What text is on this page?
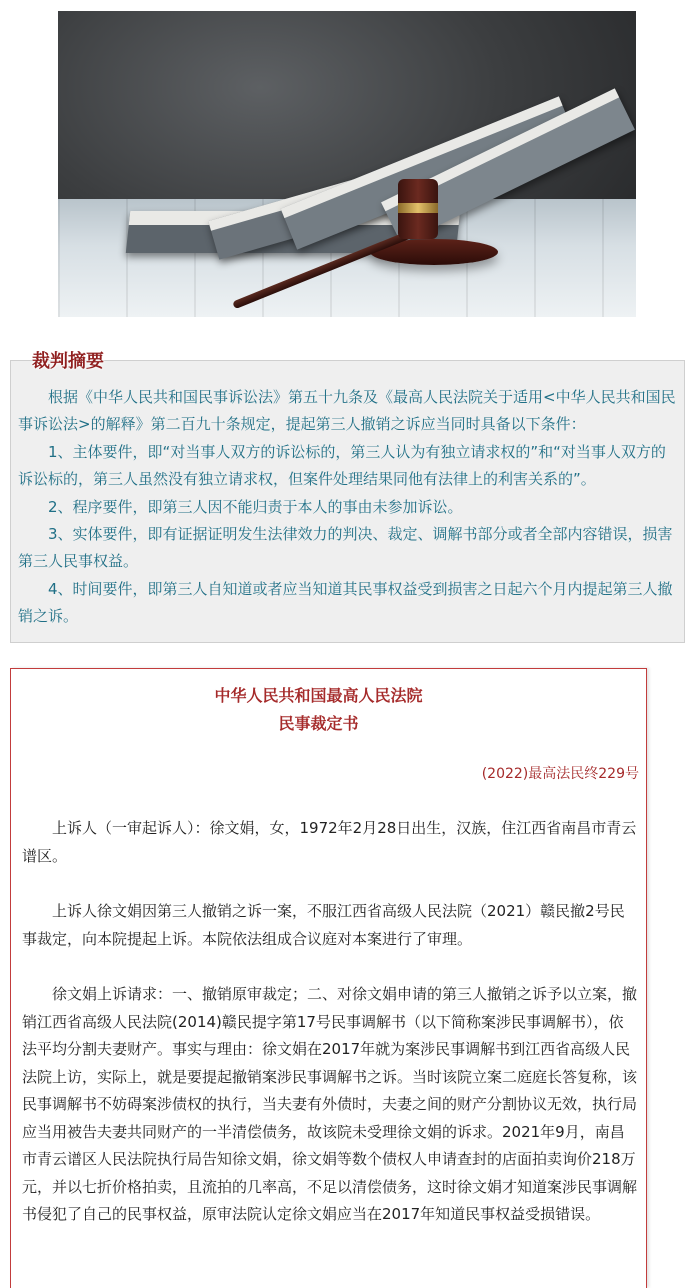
裁判摘要

根据《中华人民共和国民事诉讼法》第五十九条及《最高人民法院关于适用<中华人民共和国民事诉讼法>的解释》第二百九十条规定，提起第三人撤销之诉应当同时具备以下条件：

1、主体要件，即“对当事人双方的诉讼标的，第三人认为有独立请求权的”和“对当事人双方的诉讼标的，第三人虽然没有独立请求权，但案件处理结果同他有法律上的利害关系的”。

2、程序要件，即第三人因不能归责于本人的事由未参加诉讼。

3、实体要件，即有证据证明发生法律效力的判决、裁定、调解书部分或者全部内容错误，损害第三人民事权益。

4、时间要件，即第三人自知道或者应当知道其民事权益受到损害之日起六个月内提起第三人撤销之诉。

中华人民共和国最高人民法院
民事裁定书
(2022)最高法民终229号

上诉人（一审起诉人）：徐文娟，女，1972年2月28日出生，汉族，住江西省南昌市青云谱区。

上诉人徐文娟因第三人撤销之诉一案，不服江西省高级人民法院（2021）赣民撤2号民事裁定，向本院提起上诉。本院依法组成合议庭对本案进行了审理。

徐文娟上诉请求：一、撤销原审裁定；二、对徐文娟申请的第三人撤销之诉予以立案，撤销江西省高级人民法院(2014)赣民提字第17号民事调解书（以下简称案涉民事调解书），依法平均分割夫妻财产。事实与理由：徐文娟在2017年就为案涉民事调解书到江西省高级人民法院上访，实际上，就是要提起撤销案涉民事调解书之诉。当时该院立案二庭庭长答复称，该民事调解书不妨碍案涉债权的执行，当夫妻有外债时，夫妻之间的财产分割协议无效，执行局应当用被告夫妻共同财产的一半清偿债务，故该院未受理徐文娟的诉求。2021年9月，南昌市青云谱区人民法院执行局告知徐文娟，徐文娟等数个债权人申请查封的店面拍卖询价218万元，并以七折价格拍卖，且流拍的几率高，不足以清偿债务，这时徐文娟才知道案涉民事调解书侵犯了自己的民事权益，原审法院认定徐文娟应当在2017年知道民事权益受损错误。
